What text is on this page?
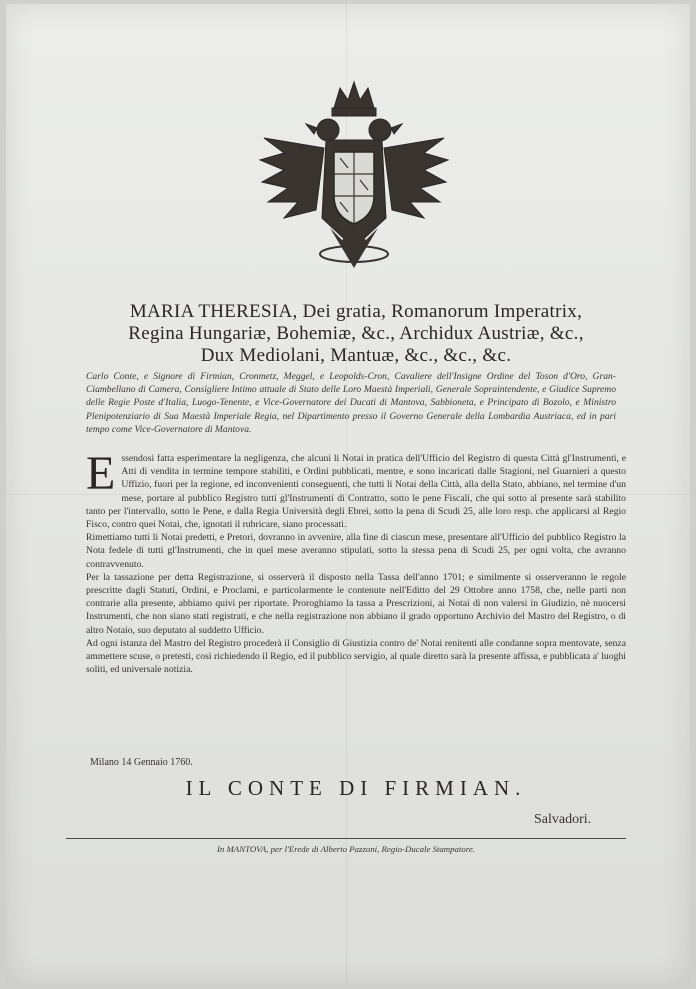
MARIA THERESIA, Dei gratia, Romanorum Imperatrix,
Regina Hungariæ, Bohemiæ, &c., Archidux Austriæ, &c.,
Dux Mediolani, Mantuæ, &c., &c., &c.
Carlo Conte, e Signore di Firmian, Cronmetz, Meggel, e Leopolds-Cron, Cavaliere dell'Insigne Ordine del Toson d'Oro, Gran-Ciambellano di Camera, Consigliere Intimo attuale di Stato delle Loro Maestà Imperiali, Generale Sopraintendente, e Giudice Supremo delle Regie Poste d'Italia, Luogo-Tenente, e Vice-Governatore dei Ducati di Mantova, Sabbioneta, e Principato di Bozolo, e Ministro Plenipotenziario di Sua Maestà Imperiale Regia, nel Dipartimento presso il Governo Generale della Lombardia Austriaca, ed in pari tempo come Vice-Governatore di Mantova.

E ssendosi fatta esperimentare la negligenza, che alcuni li Notai in pratica dell'Ufficio del Registro di questa Città gl'Instrumenti, e Atti di vendita in termine tempore stabiliti, e Ordini pubblicati, mentre, e sono incaricati dalle Stagioni, nel Guarnieri a questo Uffizio, fuori per la regione, ed inconvenienti conseguenti, che tutti li Notai della Città, alla della Stato, abbiano, nel termine d'un mese, portare al pubblico Registro tutti gl'Instrumenti di Contratto, sotto le pene Fiscali, che qui sotto al presente sarà stabilito tanto per l'intervallo, sotto le Pene, e dalla Regia Università degli Ebrei, sotto la pena di Scudi 25, alle loro resp. che applicarsi al Regio Fisco, contro quei Notai, che, ignotati il rubricare, siano processati.

Rimettiamo tutti li Notai predetti, e Pretori, dovranno in avvenire, alla fine di ciascun mese, presentare all'Ufficio del pubblico Registro la Nota fedele di tutti gl'Instrumenti, che in quel mese averanno stipulati, sotto la stessa pena di Scudi 25, per ogni volta, che avranno contravvenuto.

Per la tassazione per detta Registrazione, si osserverà il disposto nella Tassa dell'anno 1701; e similmente si osserveranno le regole prescritte dagli Statuti, Ordini, e Proclami, e particolarmente le contenute nell'Editto del 29 Ottobre anno 1758, che, nelle parti non contrarie alla presente, abbiamo quivi per riportate. Proroghiamo la tassa a Prescrizioni, ai Notai di non valersi in Giudizio, nè nuocersi Instrumenti, che non siano stati registrati, e che nella registrazione non abbiano il grado opportuno Archivio del Mastro del Registro, o di altro Notaio, suo deputato al suddetto Ufficio.

Ad ogni istanza del Mastro del Registro procederà il Consiglio di Giustizia contro de' Notai renitenti alle condanne sopra mentovate, senza ammettere scuse, o pretesti, così richiedendo il Regio, ed il pubblico servigio, al quale diretto sarà la presente affissa, e pubblicata a' luoghi soliti, ed universale notizia.

Milano 14 Gennaio 1760.
IL CONTE DI FIRMIAN.
Salvadori.
In MANTOVA, per l'Erede di Alberto Pazzoni, Regio-Ducale Stampatore.
